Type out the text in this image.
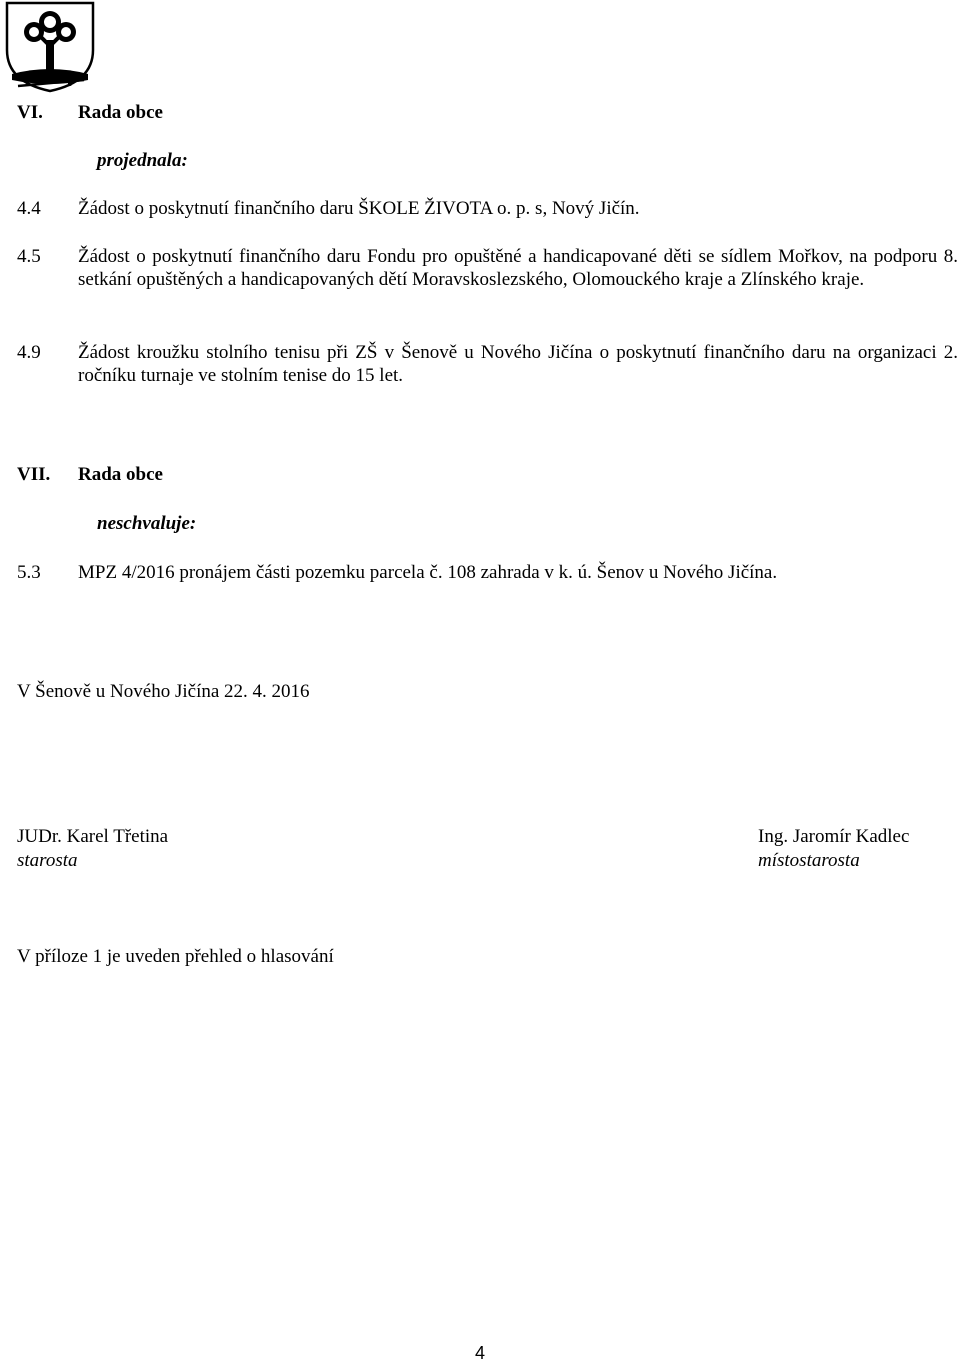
VI. Rada obce
projednala:
4.4 Žádost o poskytnutí finančního daru ŠKOLE ŽIVOTA o. p. s, Nový Jičín.
4.5 Žádost o poskytnutí finančního daru Fondu pro opuštěné a handicapované děti se sídlem Mořkov, na podporu 8. setkání opuštěných a handicapovaných dětí Moravskoslezského, Olomouckého kraje a Zlínského kraje.
4.9 Žádost kroužku stolního tenisu při ZŠ v Šenově u Nového Jičína o poskytnutí finančního daru na organizaci 2. ročníku turnaje ve stolním tenise do 15 let.
VII. Rada obce
neschvaluje:
5.3 MPZ 4/2016 pronájem části pozemku parcela č. 108 zahrada v k. ú. Šenov u Nového Jičína.
V Šenově u Nového Jičína 22. 4. 2016
JUDr. Karel Třetina
starosta
Ing. Jaromír Kadlec
místostarosta
V příloze 1 je uveden přehled o hlasování
4
